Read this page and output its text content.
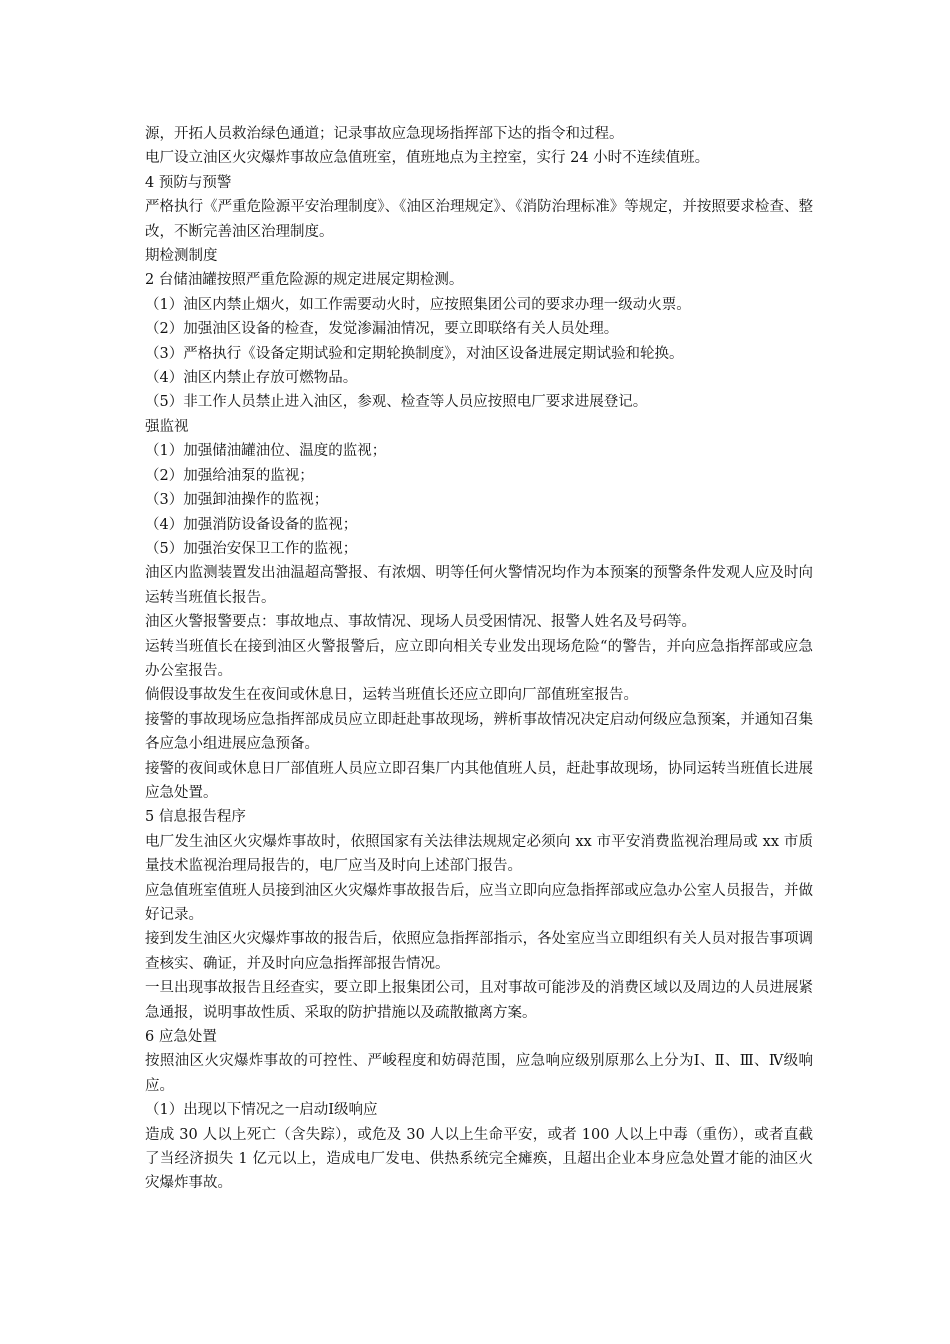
源，开拓人员救治绿色通道；记录事故应急现场指挥部下达的指令和过程。

电厂设立油区火灾爆炸事故应急值班室，值班地点为主控室，实行 24 小时不连续值班。

4 预防与预警

严格执行《严重危险源平安治理制度》、《油区治理规定》、《消防治理标准》等规定，并按照要求检查、整改，不断完善油区治理制度。

期检测制度

2 台储油罐按照严重危险源的规定进展定期检测。

（1）油区内禁止烟火，如工作需要动火时，应按照集团公司的要求办理一级动火票。

（2）加强油区设备的检查，发觉渗漏油情况，要立即联络有关人员处理。

（3）严格执行《设备定期试验和定期轮换制度》，对油区设备进展定期试验和轮换。

（4）油区内禁止存放可燃物品。

（5）非工作人员禁止进入油区，参观、检查等人员应按照电厂要求进展登记。

强监视

（1）加强储油罐油位、温度的监视；

（2）加强给油泵的监视；

（3）加强卸油操作的监视；

（4）加强消防设备设备的监视；

（5）加强治安保卫工作的监视；

油区内监测装置发出油温超高警报、有浓烟、明等任何火警情况均作为本预案的预警条件发观人应及时向运转当班值长报告。

油区火警报警要点：事故地点、事故情况、现场人员受困情况、报警人姓名及号码等。

运转当班值长在接到油区火警报警后，应立即向相关专业发出现场危险“的警告，并向应急指挥部或应急办公室报告。

倘假设事故发生在夜间或休息日，运转当班值长还应立即向厂部值班室报告。

接警的事故现场应急指挥部成员应立即赶赴事故现场，辨析事故情况决定启动何级应急预案，并通知召集各应急小组进展应急预备。

接警的夜间或休息日厂部值班人员应立即召集厂内其他值班人员，赶赴事故现场，协同运转当班值长进展应急处置。

5 信息报告程序

电厂发生油区火灾爆炸事故时，依照国家有关法律法规规定必须向 xx 市平安消费监视治理局或 xx 市质量技术监视治理局报告的，电厂应当及时向上述部门报告。

应急值班室值班人员接到油区火灾爆炸事故报告后，应当立即向应急指挥部或应急办公室人员报告，并做好记录。

接到发生油区火灾爆炸事故的报告后，依照应急指挥部指示，各处室应当立即组织有关人员对报告事项调查核实、确证，并及时向应急指挥部报告情况。

一旦出现事故报告且经查实，要立即上报集团公司，且对事故可能涉及的消费区域以及周边的人员进展紧急通报，说明事故性质、采取的防护措施以及疏散撤离方案。

6 应急处置

按照油区火灾爆炸事故的可控性、严峻程度和妨碍范围，应急响应级别原那么上分为Ⅰ、Ⅱ、Ⅲ、Ⅳ级响应。

（1）出现以下情况之一启动Ⅰ级响应

造成 30 人以上死亡（含失踪），或危及 30 人以上生命平安，或者 100 人以上中毒（重伤），或者直截了当经济损失 1 亿元以上，造成电厂发电、供热系统完全瘫痪，且超出企业本身应急处置才能的油区火灾爆炸事故。
